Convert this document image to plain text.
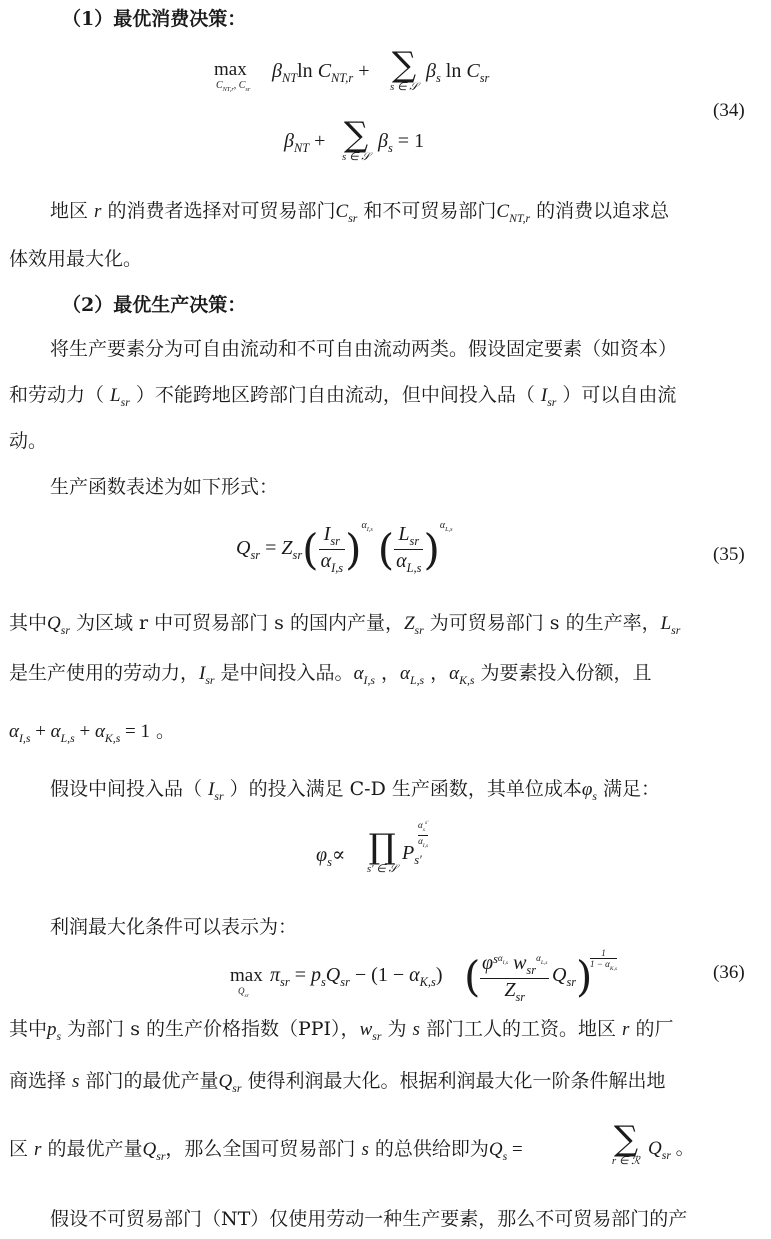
（1）最优消费决策：
max
$C_{NT,r}$, $C_{sr}$
$\beta_{NT}\ln$ $C_{NT,r}$ + ∑
s ∈ 𝒮
$\beta_s$ $\ln C_{sr}$
$\beta_{NT}$ + ∑
s ∈ 𝒮
$\beta_s = 1$
(34)
地区 r 的消费者选择对可贸易部门$C_{sr}$ 和不可贸易部门$C_{NT,r}$ 的消费以追求总
体效用最大化。
（2）最优生产决策：
将生产要素分为可自由流动和不可自由流动两类。假设固定要素（如资本）
和劳动力（ $L_{sr}$ ）不能跨地区跨部门自由流动，但中间投入品（ $I_{sr}$ ）可以自由流
动。
生产函数表述为如下形式：
$Q_{sr} = Z_{sr}( \frac{I_{sr}}{\alpha_{I,s}} )^{\alpha_{I,s}}$ ( $\frac{L_{sr}}{\alpha_{L,s}} )^{\alpha_{L,s}}$
(35)
其中$Q_{sr}$ 为区域 r 中可贸易部门 s 的国内产量，$Z_{sr}$ 为可贸易部门 s 的生产率，$L_{sr}$
是生产使用的劳动力，$I_{sr}$ 是中间投入品。$\alpha_{I,s}$ ，$\alpha_{L,s}$ ，$\alpha_{K,s}$ 为要素投入份额，且
$\alpha_{I,s} + \alpha_{L,s} + \alpha_{K,s} = 1$ 。
假设中间投入品（ $I_{sr}$ ）的投入满足 C-D 生产函数，其单位成本$\varphi_s$ 满足：
$\varphi_s\propto$ ∏
s′ ∈ 𝒮
$P_{s'}$
$\alpha_s^{s'}$
$\alpha_{I,s}$
利润最大化条件可以表示为：
max
$Q_{sr}$
$\pi_{sr} = p_sQ_{sr} - (1 - \alpha_{K,s})$ ( $\varphi_s^{\alpha_{I,s}}$ $w_{sr}^{\alpha_{L,s}}$
$Z_{sr}$
$Q_{sr}$ ) 1
$1 - \alpha_{K,s}$	(36)
其中$p_s$ 为部门 s 的生产价格指数（PPI），$w_{sr}$ 为 s 部门工人的工资。地区 r 的厂
商选择 s 部门的最优产量$Q_{sr}$ 使得利润最大化。根据利润最大化一阶条件解出地
区 r 的最优产量$Q_{sr}$，那么全国可贸易部门 s 的总供给即为$Q_s$ =	∑
r ∈ ℛ
$Q_{sr}$ 。
假设不可贸易部门（NT）仅使用劳动一种生产要素，那么不可贸易部门的产
